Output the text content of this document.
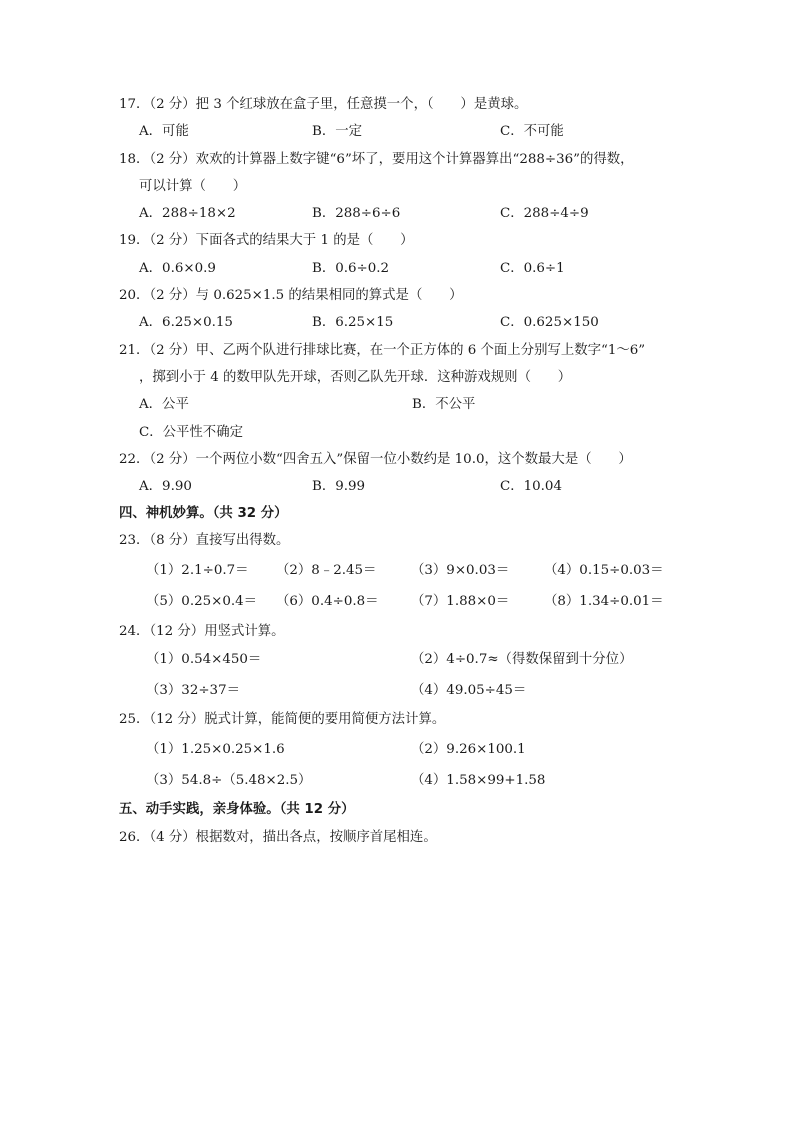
17．（2 分）把 3 个红球放在盒子里，任意摸一个，（　　）是黄球。
A．可能	B．一定	C．不可能
18．（2 分）欢欢的计算器上数字键“6”坏了，要用这个计算器算出“288÷36”的得数，
可以计算（　　）
A．288÷18×2	B．288÷6÷6	C．288÷4÷9
19．（2 分）下面各式的结果大于 1 的是（　　）
A．0.6×0.9	B．0.6÷0.2	C．0.6÷1
20．（2 分）与 0.625×1.5 的结果相同的算式是（　　）
A．6.25×0.15	B．6.25×15	C．0.625×150
21．（2 分）甲、乙两个队进行排球比赛，在一个正方体的 6 个面上分别写上数字“1～6”
，掷到小于 4 的数甲队先开球，否则乙队先开球．这种游戏规则（　　）
A．公平	B．不公平
C．公平性不确定
22．（2 分）一个两位小数“四舍五入”保留一位小数约是 10.0，这个数最大是（　　）
A．9.90	B．9.99	C．10.04
四、神机妙算。（共 32 分）
23．（8 分）直接写出得数。
（1）2.1÷0.7＝ （2）8﹣2.45＝	（3）9×0.03＝	（4）0.15÷0.03＝
（5）0.25×0.4＝ （6）0.4÷0.8＝ （7）1.88×0＝	（8）1.34÷0.01＝
24．（12 分）用竖式计算。
（1）0.54×450＝	（2）4÷0.7≈（得数保留到十分位）
（3）32÷37＝	（4）49.05÷45＝
25．（12 分）脱式计算，能简便的要用简便方法计算。
（1）1.25×0.25×1.6	（2）9.26×100.1
（3）54.8÷（5.48×2.5）	（4）1.58×99+1.58
五、动手实践，亲身体验。（共 12 分）
26．（4 分）根据数对，描出各点，按顺序首尾相连。
